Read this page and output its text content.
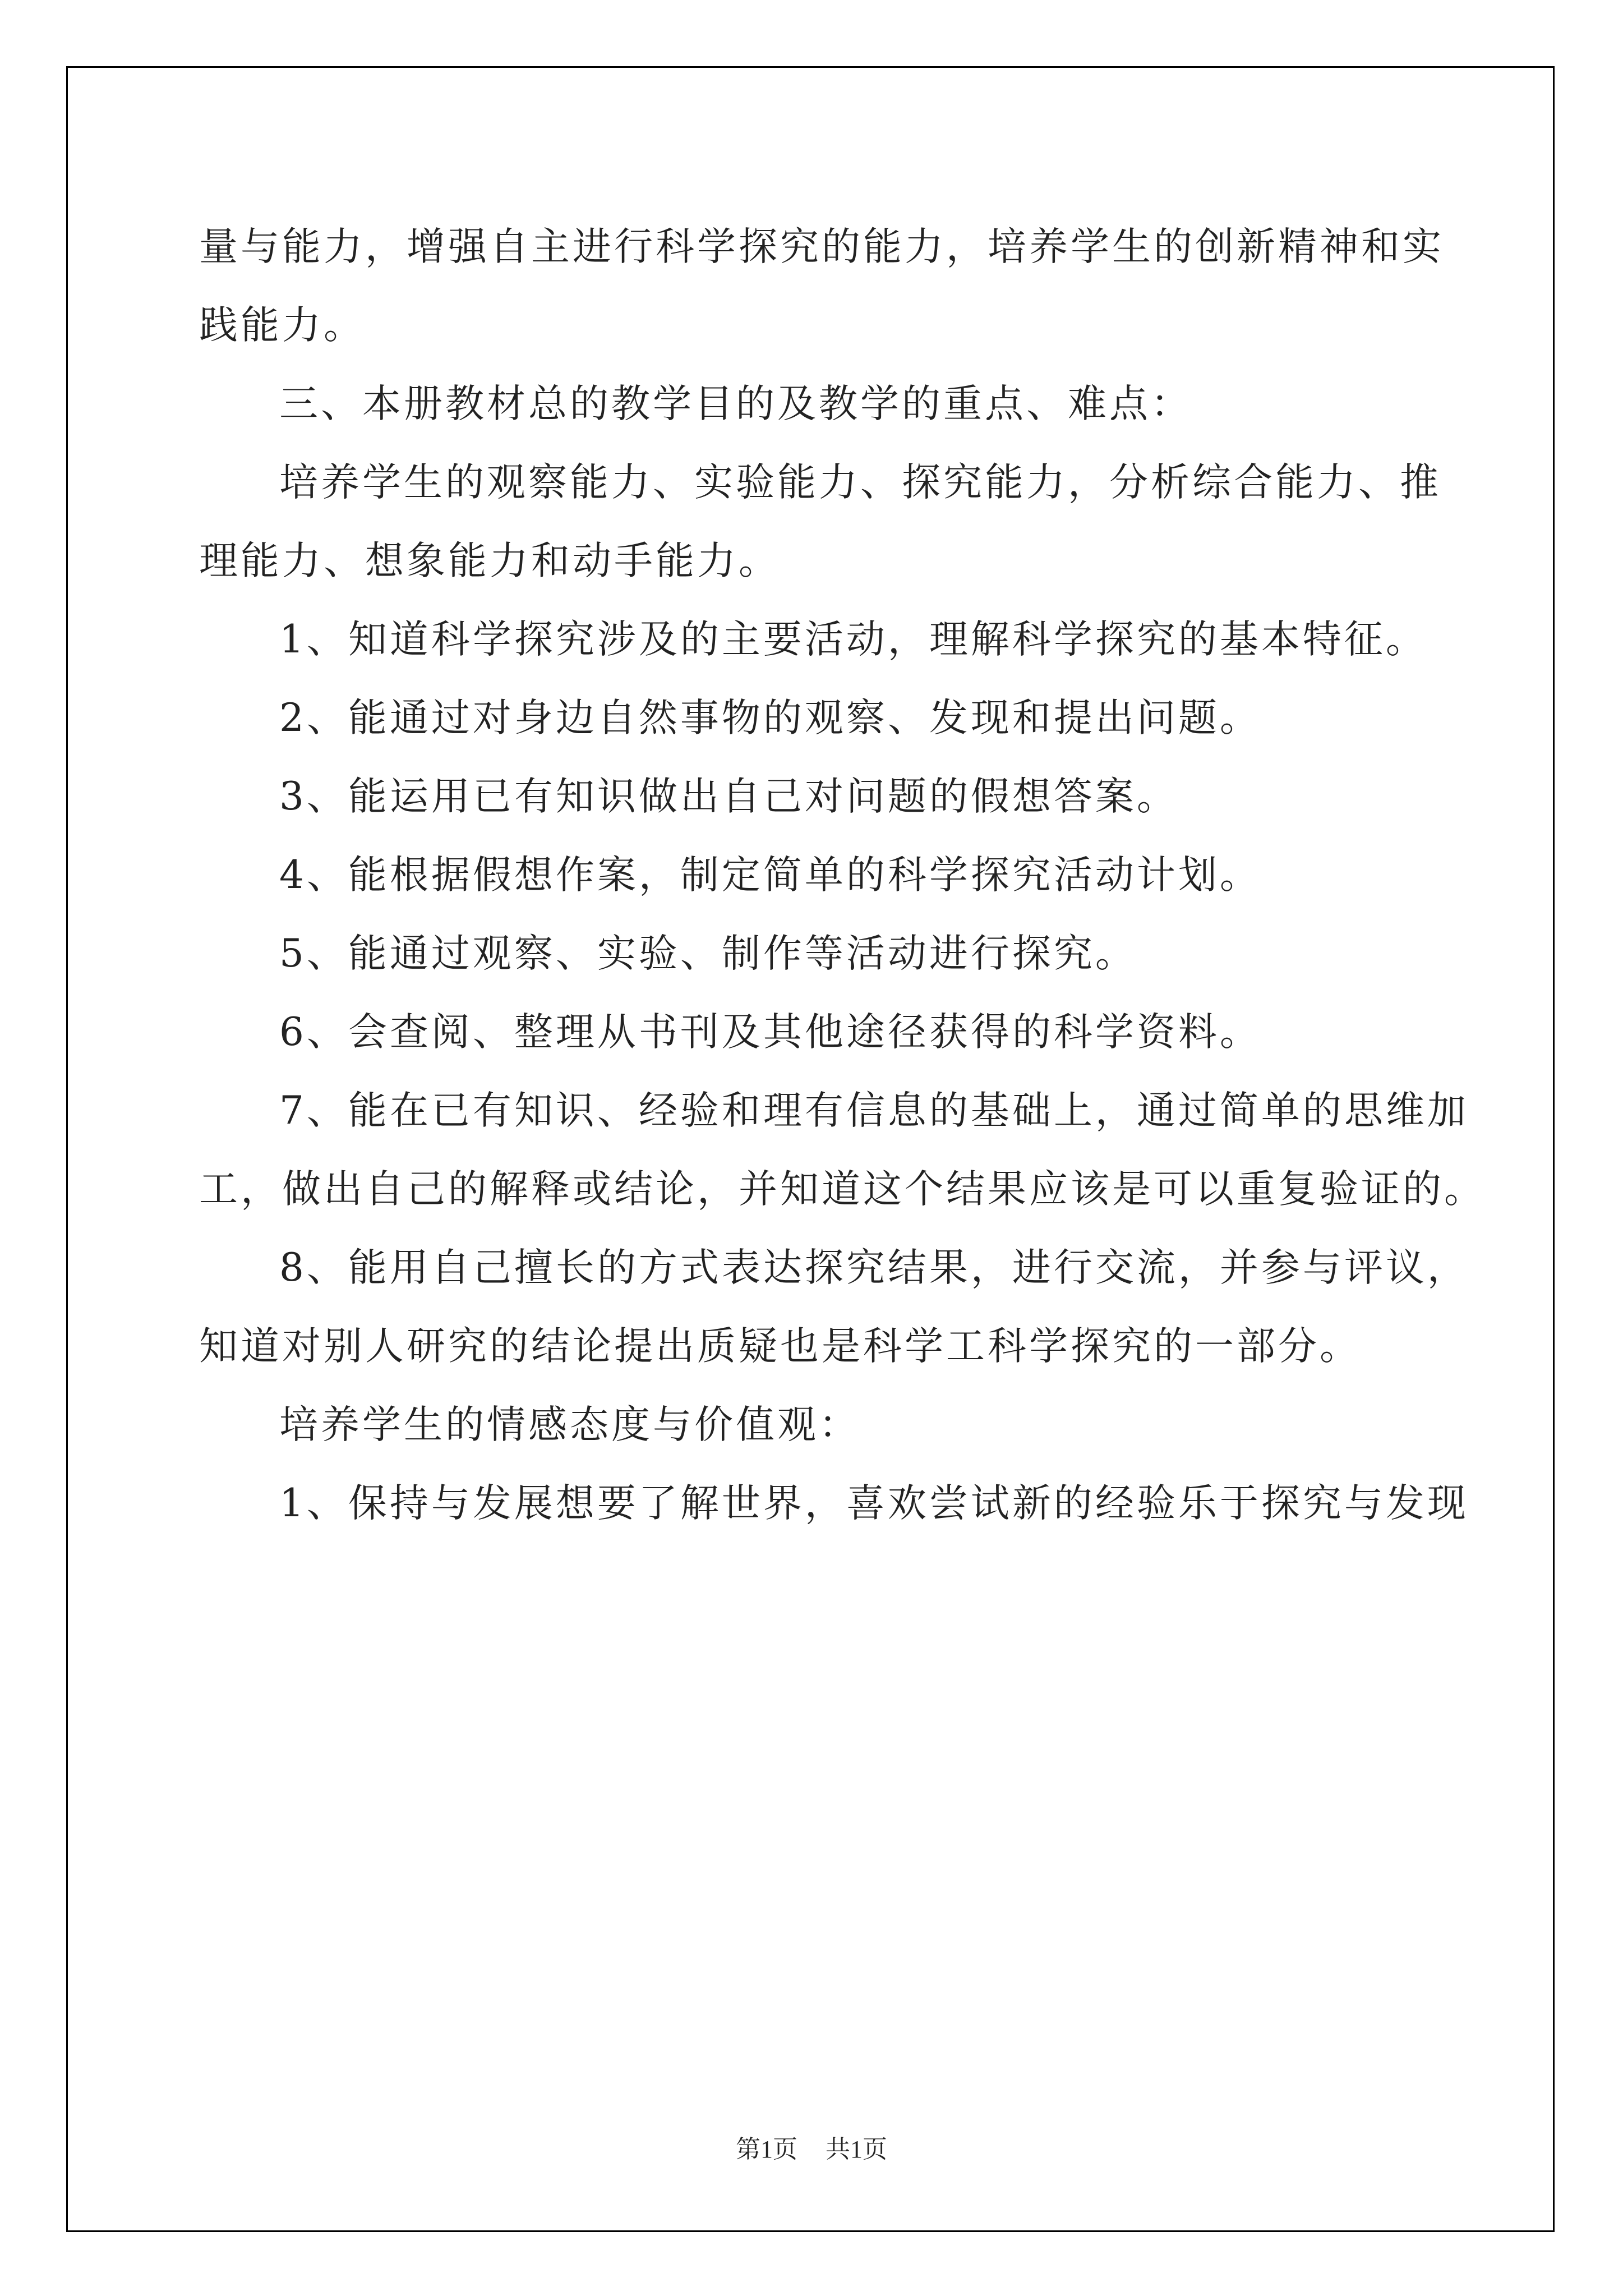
量与能力，增强自主进行科学探究的能力，培养学生的创新精神和实
践能力。
三、本册教材总的教学目的及教学的重点、难点：
培养学生的观察能力、实验能力、探究能力，分析综合能力、推
理能力、想象能力和动手能力。
1、知道科学探究涉及的主要活动，理解科学探究的基本特征。
2、能通过对身边自然事物的观察、发现和提出问题。
3、能运用已有知识做出自己对问题的假想答案。
4、能根据假想作案，制定简单的科学探究活动计划。
5、能通过观察、实验、制作等活动进行探究。
6、会查阅、整理从书刊及其他途径获得的科学资料。
7、能在已有知识、经验和理有信息的基础上，通过简单的思维加
工，做出自己的解释或结论，并知道这个结果应该是可以重复验证的。
8、能用自己擅长的方式表达探究结果，进行交流，并参与评议，
知道对别人研究的结论提出质疑也是科学工科学探究的一部分。
培养学生的情感态度与价值观：
1、保持与发展想要了解世界，喜欢尝试新的经验乐于探究与发现
第1页 共1页
